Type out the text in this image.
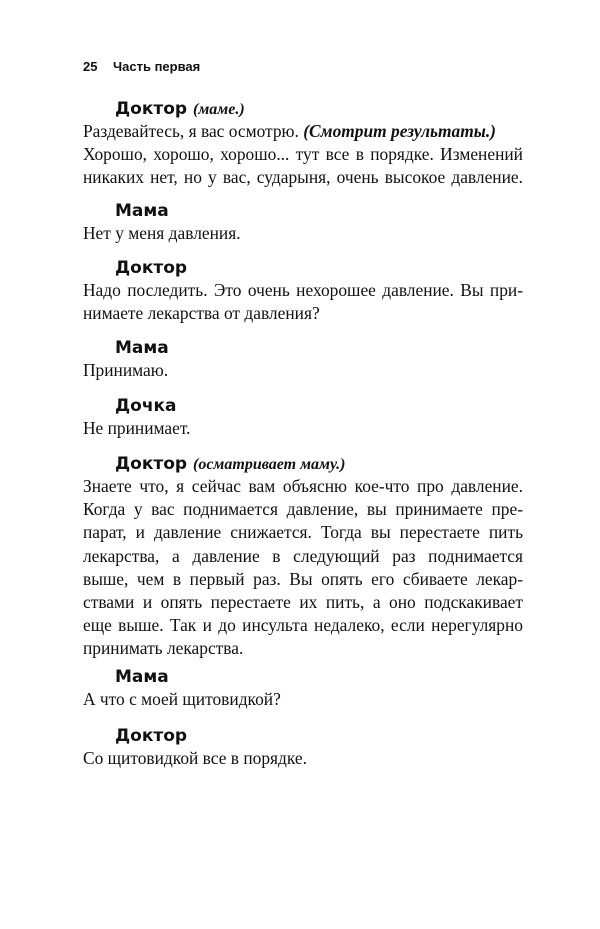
25 Часть первая
Доктор (маме.)
Раздевайтесь, я вас осмотрю. (Смотрит результаты.)
Хорошо, хорошо, хорошо... тут все в порядке. Изменений
никаких нет, но у вас, сударыня, очень высокое давление.
Мама
Нет у меня давления.
Доктор
Надо последить. Это очень нехорошее давление. Вы при-
нимаете лекарства от давления?
Мама
Принимаю.
Дочка
Не принимает.
Доктор (осматривает маму.)
Знаете что, я сейчас вам объясню кое-что про давление.
Когда у вас поднимается давление, вы принимаете пре-
парат, и давление снижается. Тогда вы перестаете пить
лекарства, а давление в следующий раз поднимается
выше, чем в первый раз. Вы опять его сбиваете лекар-
ствами и опять перестаете их пить, а оно подскакивает
еще выше. Так и до инсульта недалеко, если нерегулярно
принимать лекарства.
Мама
А что с моей щитовидкой?
Доктор
Со щитовидкой все в порядке.
